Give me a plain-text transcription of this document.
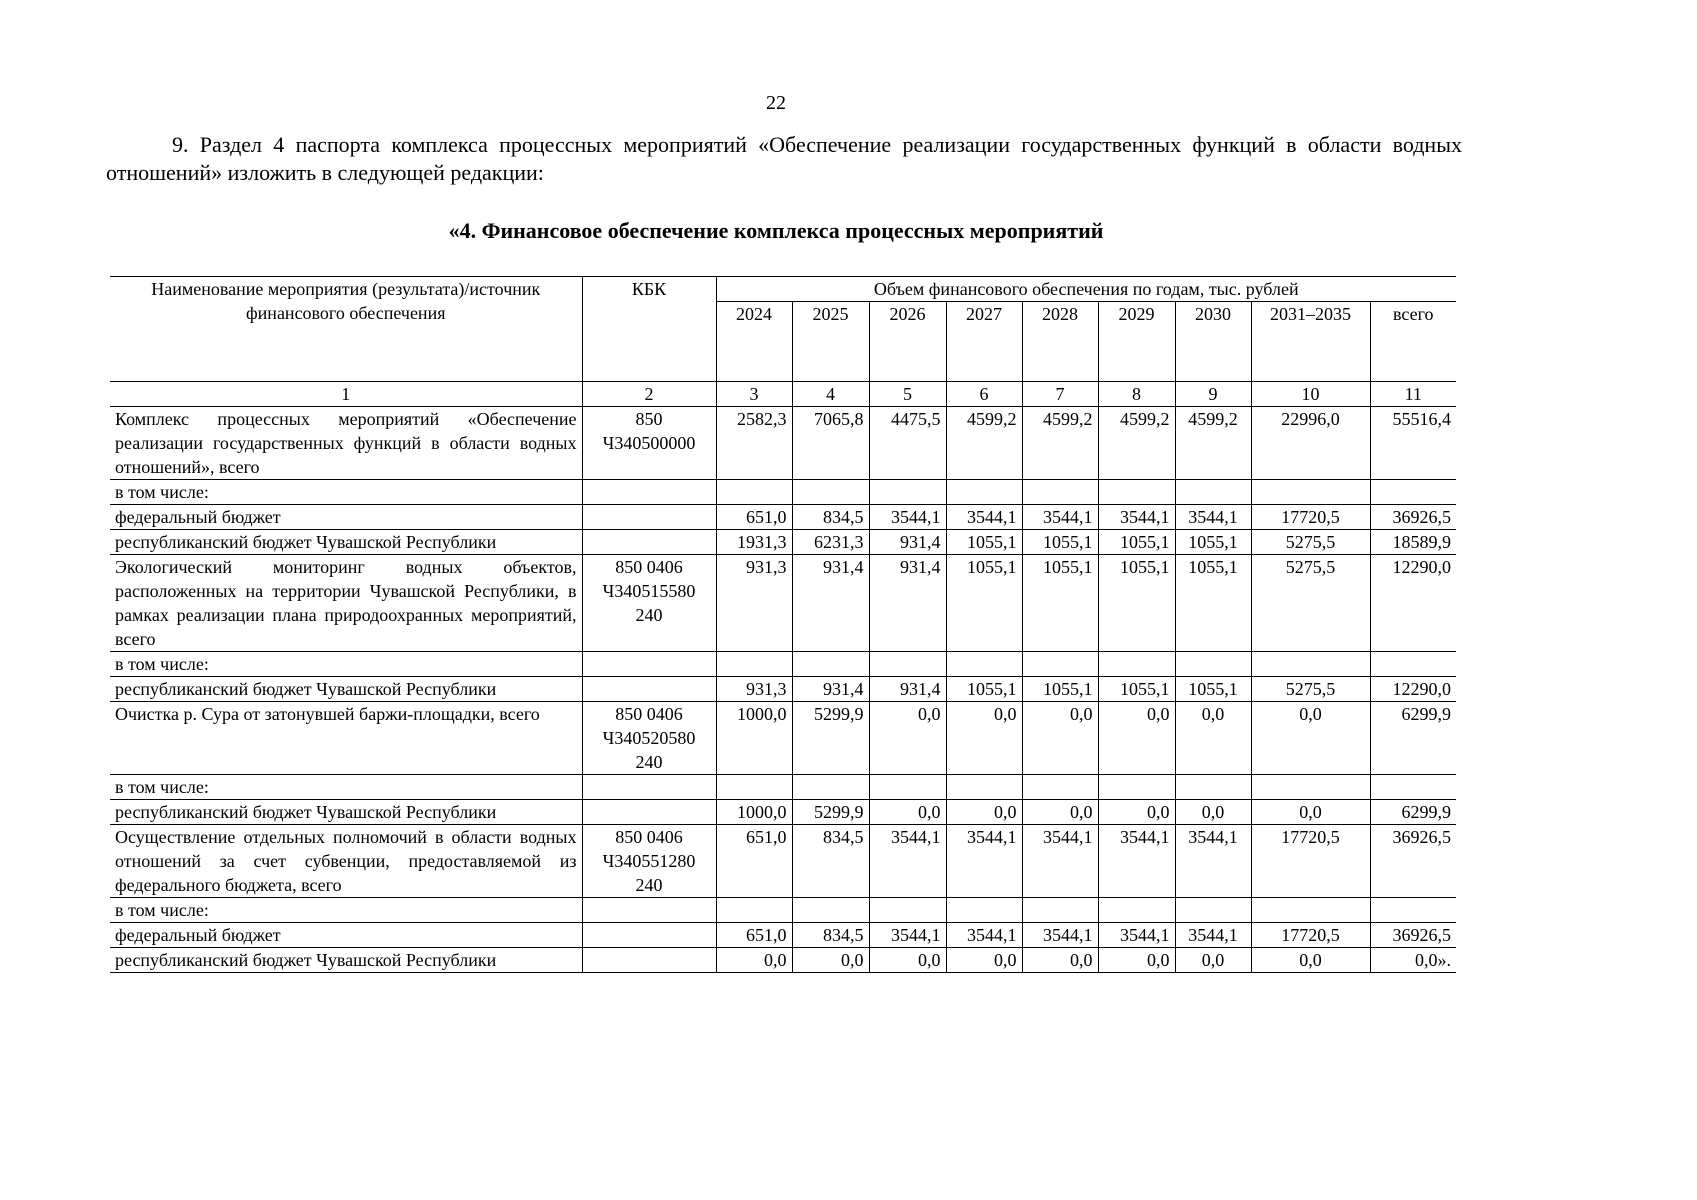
22

9. Раздел 4 паспорта комплекса процессных мероприятий «Обеспечение реализации государственных функций в области водных отношений» изложить в следующей редакции:

«4. Финансовое обеспечение комплекса процессных мероприятий
Наименование мероприятия (результата)/источник финансового обеспечения	КБК	Объем финансового обеспечения по годам, тыс. рублей								
		2024	2025	2026	2027	2028	2029	2030	2031–2035	всего
1	2	3	4	5	6	7	8	9	10	11
Комплекс процессных мероприятий «Обеспечение реализации государственных функций в области водных отношений», всего	850 Ч340500000	2582,3	7065,8	4475,5	4599,2	4599,2	4599,2	4599,2	22996,0	55516,4
в том числе:										
федеральный бюджет		651,0	834,5	3544,1	3544,1	3544,1	3544,1	3544,1	17720,5	36926,5
республиканский бюджет Чувашской Республики		1931,3	6231,3	931,4	1055,1	1055,1	1055,1	1055,1	5275,5	18589,9
Экологический мониторинг водных объектов, расположенных на территории Чувашской Республики, в рамках реализации плана природоохранных мероприятий, всего	850 0406 Ч340515580 240	931,3	931,4	931,4	1055,1	1055,1	1055,1	1055,1	5275,5	12290,0
в том числе:										
республиканский бюджет Чувашской Республики		931,3	931,4	931,4	1055,1	1055,1	1055,1	1055,1	5275,5	12290,0
Очистка р. Сура от затонувшей баржи-площадки, всего	850 0406 Ч340520580 240	1000,0	5299,9	0,0	0,0	0,0	0,0	0,0	0,0	6299,9
в том числе:										
республиканский бюджет Чувашской Республики		1000,0	5299,9	0,0	0,0	0,0	0,0	0,0	0,0	6299,9
Осуществление отдельных полномочий в области водных отношений за счет субвенции, предоставляемой из федерального бюджета, всего	850 0406 Ч340551280 240	651,0	834,5	3544,1	3544,1	3544,1	3544,1	3544,1	17720,5	36926,5
в том числе:										
федеральный бюджет		651,0	834,5	3544,1	3544,1	3544,1	3544,1	3544,1	17720,5	36926,5
республиканский бюджет Чувашской Республики		0,0	0,0	0,0	0,0	0,0	0,0	0,0	0,0	0,0».
